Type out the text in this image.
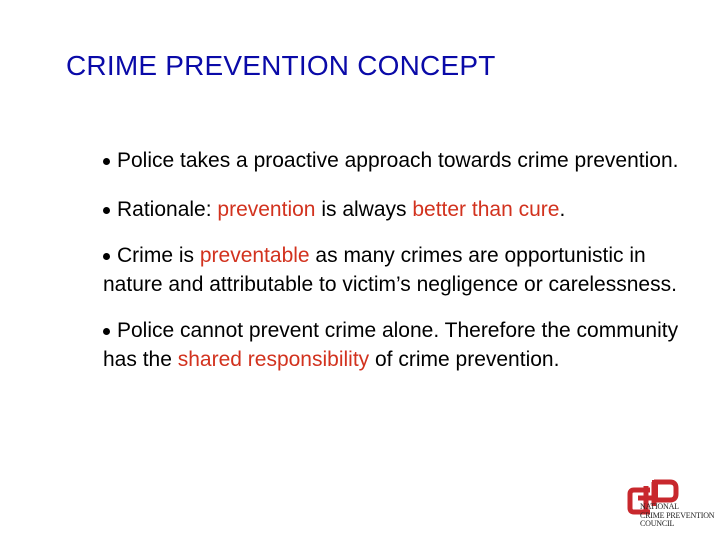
CRIME PREVENTION CONCEPT
Police takes a proactive approach towards crime prevention.
Rationale: prevention is always better than cure.
Crime is preventable as many crimes are opportunistic in nature and attributable to victim’s negligence or carelessness.
Police cannot prevent crime alone. Therefore the community has the shared responsibility of crime prevention.
NATIONAL
CRIME PREVENTION
COUNCIL
